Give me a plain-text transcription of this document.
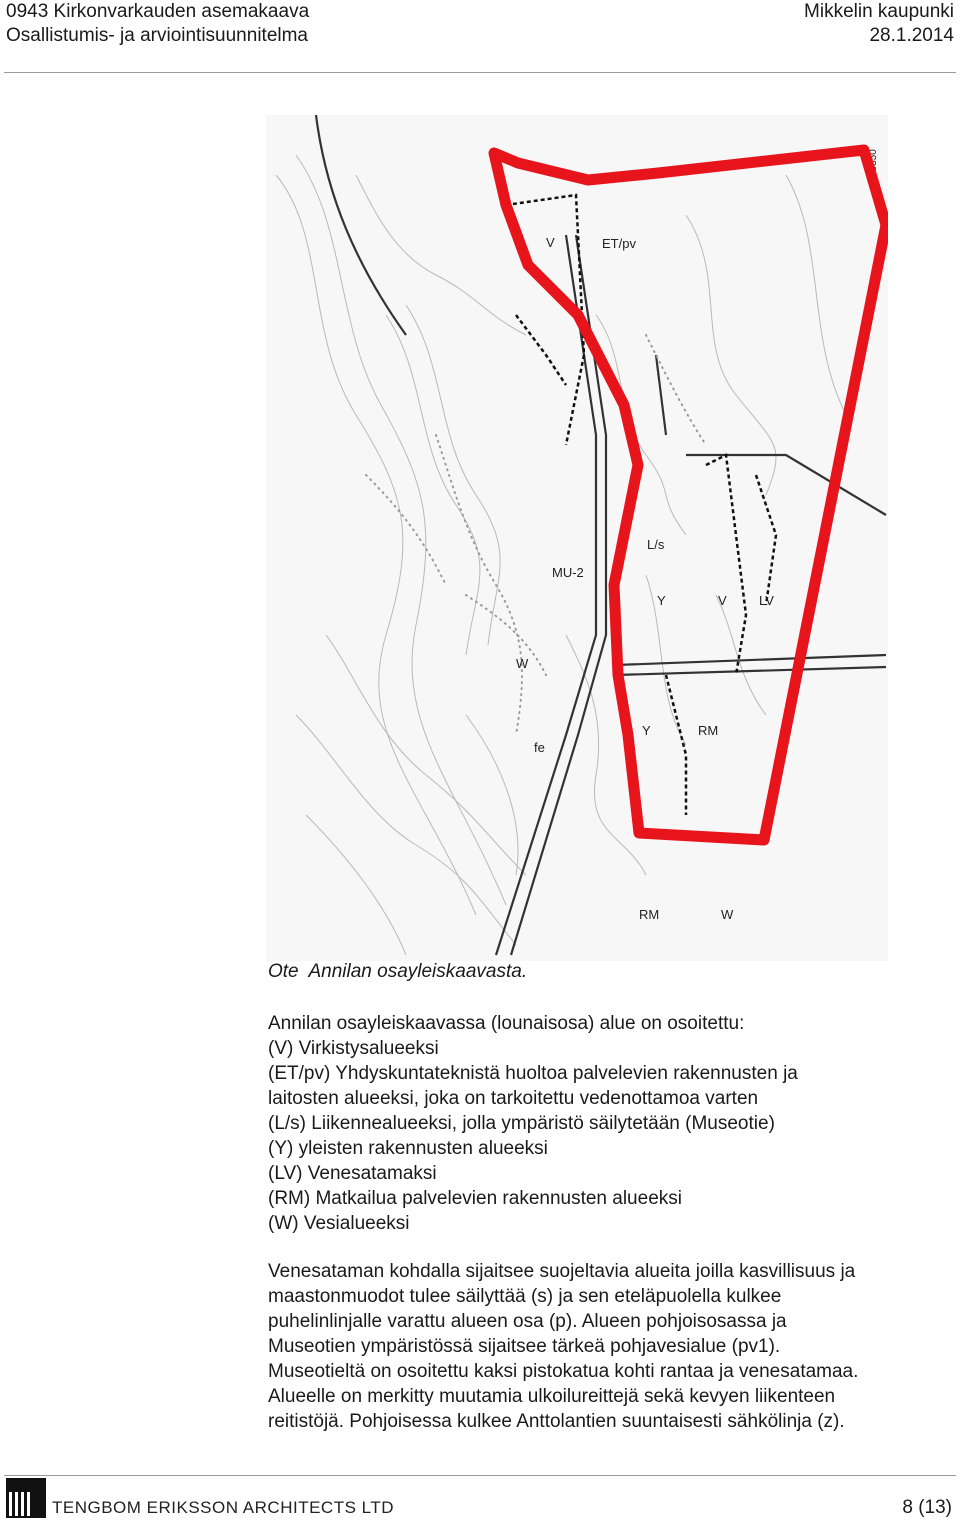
0943 Kirkonvarkauden asemakaava
Osallistumis- ja arviointisuunnitelma
Mikkelin kaupunki
28.1.2014
V	ET/pv
L/s
MU-2
Y	V LV
W
fe
Y	RM
RM	W
15850
Ote  Annilan osayleiskaavasta.

Annilan osayleiskaavassa (lounaisosa) alue on osoitettu:

(V) Virkistysalueeksi

(ET/pv) Yhdyskuntateknistä huoltoa palvelevien rakennusten ja

laitosten alueeksi, joka on tarkoitettu vedenottamoa varten

(L/s) Liikennealueeksi, jolla ympäristö säilytetään (Museotie)

(Y) yleisten rakennusten alueeksi

(LV) Venesatamaksi

(RM) Matkailua palvelevien rakennusten alueeksi

(W) Vesialueeksi

Venesataman kohdalla sijaitsee suojeltavia alueita joilla kasvillisuus ja

maastonmuodot tulee säilyttää (s) ja sen eteläpuolella kulkee

puhelinlinjalle varattu alueen osa (p). Alueen pohjoisosassa ja

Museotien ympäristössä sijaitsee tärkeä pohjavesialue (pv1).

Museotieltä on osoitettu kaksi pistokatua kohti rantaa ja venesatamaa.

Alueelle on merkitty muutamia ulkoilureittejä sekä kevyen liikenteen

reitistöjä. Pohjoisessa kulkee Anttolantien suuntaisesti sähkölinja (z).

TENGBOM ERIKSSON ARCHITECTS LTD	8 (13)
